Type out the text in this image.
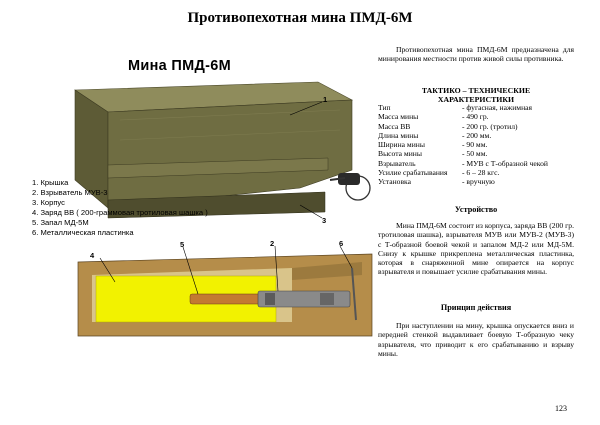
Противопехотная мина ПМД-6М
Мина ПМД-6М
1
2
3
4
5	6
1. Крышка
2. Взрыватель МУВ-3
3. Корпус
4. Заряд ВВ ( 200-граммовая тротиловая шашка )
5. Запал МД-5М
6. Металлическая пластинка

Противопехотная мина ПМД-6М предназначена для минирования местности против живой силы противника.

ТАКТИКО – ТЕХНИЧЕСКИЕ
ХАРАКТЕРИСТИКИ
Тип	- фугасная, нажимная
Масса мины	- 490 гр.
Масса ВВ	- 200 гр. (тротил)
Длина мины	- 200 мм.
Ширина мины	- 90 мм.
Высота мины	- 50 мм.
Взрыватель	- МУВ с Т-образной чекой
Усилие срабатывания	- 6 – 28 кгс.
Установка	- вручную
Устройство

Мина ПМД-6М состоит из корпуса, заряда ВВ (200 гр. тротиловая шашка), взрывателя МУВ или МУВ-2 (МУВ-3) с Т-образной боевой чекой и запалом МД-2 или МД-5М. Снизу к крышке прикреплена металлическая пластинка, которая в снаряженной мине опирается на корпус взрывателя и повышает усилие срабатывания мины.

Принцип действия

При наступлении на мину, крышка опускается вниз и передней стенкой выдавливает боевую Т-образную чеку взрывателя, что приводит к его срабатыванию и взрыву мины.

123
